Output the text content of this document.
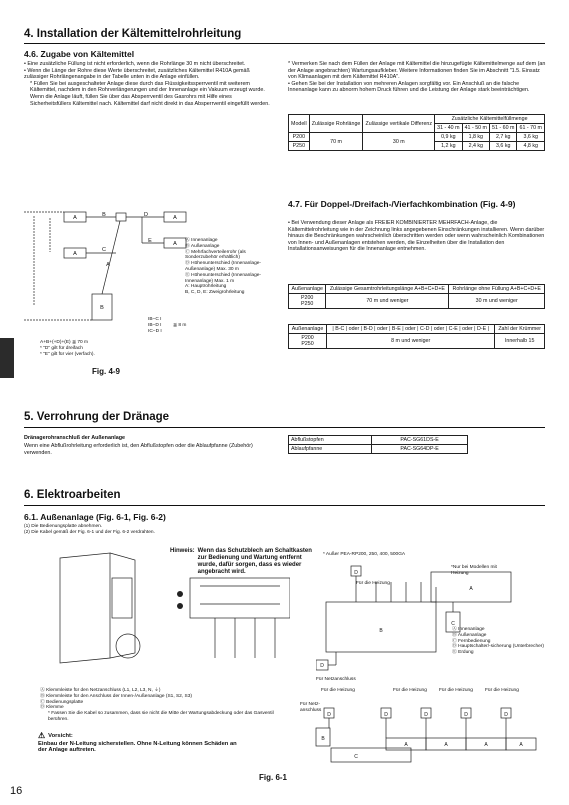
4. Installation der Kältemittelrohrleitung
4.6. Zugabe von Kältemittel
• Eine zusätzliche Füllung ist nicht erforderlich, wenn die Rohrlänge 30 m nicht überschreitet.
• Wenn die Länge der Rohre diese Werte überschreitet, zusätzliches Kältemittel R410A gemäß zulässiger Rohrlängenangabe in der Tabelle unten in die Anlage einfüllen.
* Füllen Sie bei ausgeschalteter Anlage diese durch das Flüssigkeitssperrventil mit weiterem Kältemittel, nachdem in den Rohrverlängerungen und der Innenanlage ein Vakuum erzeugt wurde.
Wenn die Anlage läuft, füllen Sie über das Absperrventil des Gasrohrs mit Hilfe eines Sicherheitsfüllers Kältemittel nach. Kältemittel darf nicht direkt in das Absperrventil eingefüllt werden.
* Vermerken Sie nach dem Füllen der Anlage mit Kältemittel die hinzugefügte Kältemittelmenge auf dem (an der Anlage angebrachten) Wartungsaufkleber. Weitere Informationen finden Sie im Abschnitt "1.5. Einsatz von Klimaanlagen mit dem Kältemittel R410A".
• Gehen Sie bei der Installation von mehreren Anlagen sorgfältig vor. Ein Anschluß an die falsche Innenanlage kann zu abnorm hohem Druck führen und die Leistung der Anlage stark beeinträchtigen.
Modell	Zulässige Rohrlänge	Zulässige vertikale Differenz	Zusätzliche Kältemittelfüllmenge			
			31 - 40 m	41 - 50 m	51 - 60 m	61 - 70 m
P200	70 m	30 m	0,9 kg	1,8 kg	2,7 kg	3,6 kg
P250			1,2 kg	2,4 kg	3,6 kg	4,8 kg
A	B
A
C
D	A
E	A
B
A
Ⓐ Innenanlage
Ⓑ Außenanlage
Ⓒ Mehrfachverteilerrohr (als Sonderzubehör erhältlich)
Ⓓ Höhenunterschied (Innenanlage-Außenanlage) Max. 30 m
Ⓔ Höhenunterschied (Innenanlage-Innenanlage) Max. 1 m
A: Hauptrohrleitung
B, C, D, E: Zweigrohrleitung
IB−C I
IB−D I
IC−D I
≦ 8 m
A+B+(+D)+(E) ≦ 70 m
* "D" gilt für dreifach
* "E" gilt für vier (verfach).
Fig. 4-9
4.7. Für Doppel-/Dreifach-/Vierfachkombination (Fig. 4-9)
• Bei Verwendung dieser Anlage als FREIER KOMBINIERTER MEHRFACH-Anlage, die Kältemittelrohrleitung wie in der Zeichnung links angegebenen Einschränkungen installieren. Wenn darüber hinaus die Beschränkungen wahrscheinlich überschritten werden oder wenn wahrscheinlich Kombinationen von Innen- und Außenanlagen entstehen werden, die Einzelheiten über die Installation den Installationsanweisungen für die Innenanlage entnehmen.
Außenanlage	Zulässige Gesamtrohrleitungslänge A+B+C+D+E	Rohrlänge ohne Füllung A+B+C+D+E

P200
P250	70 m und weniger	30 m und weniger
Außenanlage	| B-C | oder | B-D | oder | B-E | oder | C-D | oder | C-E | oder | D-E |	Zahl der Krümmer

P200
P250	8 m und weniger	Innerhalb 15
5. Verrohrung der Dränage
Dränagerohranschluß der Außenanlage
Wenn eine Abflußrohrleitung erforderlich ist, den Abflußstopfen oder die Ablaufpfanne (Zubehör) verwenden.
Abflußstopfen	PAC-SG61DS-E
Ablaufpfanne	PAC-SG64DP-E
6. Elektroarbeiten
6.1. Außenanlage (Fig. 6-1, Fig. 6-2)
(1) Die Bedienungsplatte abnehmen.
(2) Die Kabel gemäß der Fig. 6-1 und der Fig. 6-2 verdrahten.
Hinweis: Wenn das Schutzblech am Schaltkasten zur Bedienung und Wartung entfernt wurde, dafür sorgen, dass es wieder angebracht wird.
Ⓐ Klemmleiste für den Netzanschluss (L1, L2, L3, N, ⏚)
Ⓑ Klemmleiste für den Anschluss der Innen-/Außenanlage (S1, S2, S3)
Ⓒ Bedienungsplatte
Ⓓ Klemme
* Fassen Sie die Kabel so zusammen, dass sie nicht die Mitte der Wartungsabdeckung oder das Gasventil berühren.
⚠ Vorsicht:
Einbau der N-Leitung sicherstellen. Ohne N-Leitung können Schäden an der Anlage auftreten.
Fig. 6-1
* Außer PEA-RP200, 250, 400, 500GA
Für die Heizung
*Nur bei Modellen mit Heizung
D
A
B
C
D
Ⓐ Innenanlage
Ⓑ Außenanlage
Ⓒ Fernbedienung
Ⓓ Hauptschalter/-sicherung (Unterbrecher)
Ⓔ Erdung
Für Netzanschluss
D	D	D	D	D
B
A	A	A	A
C
Für die Heizung	Für die Heizung	Für die Heizung	Für die Heizung
Für Netz-anschluss
16
